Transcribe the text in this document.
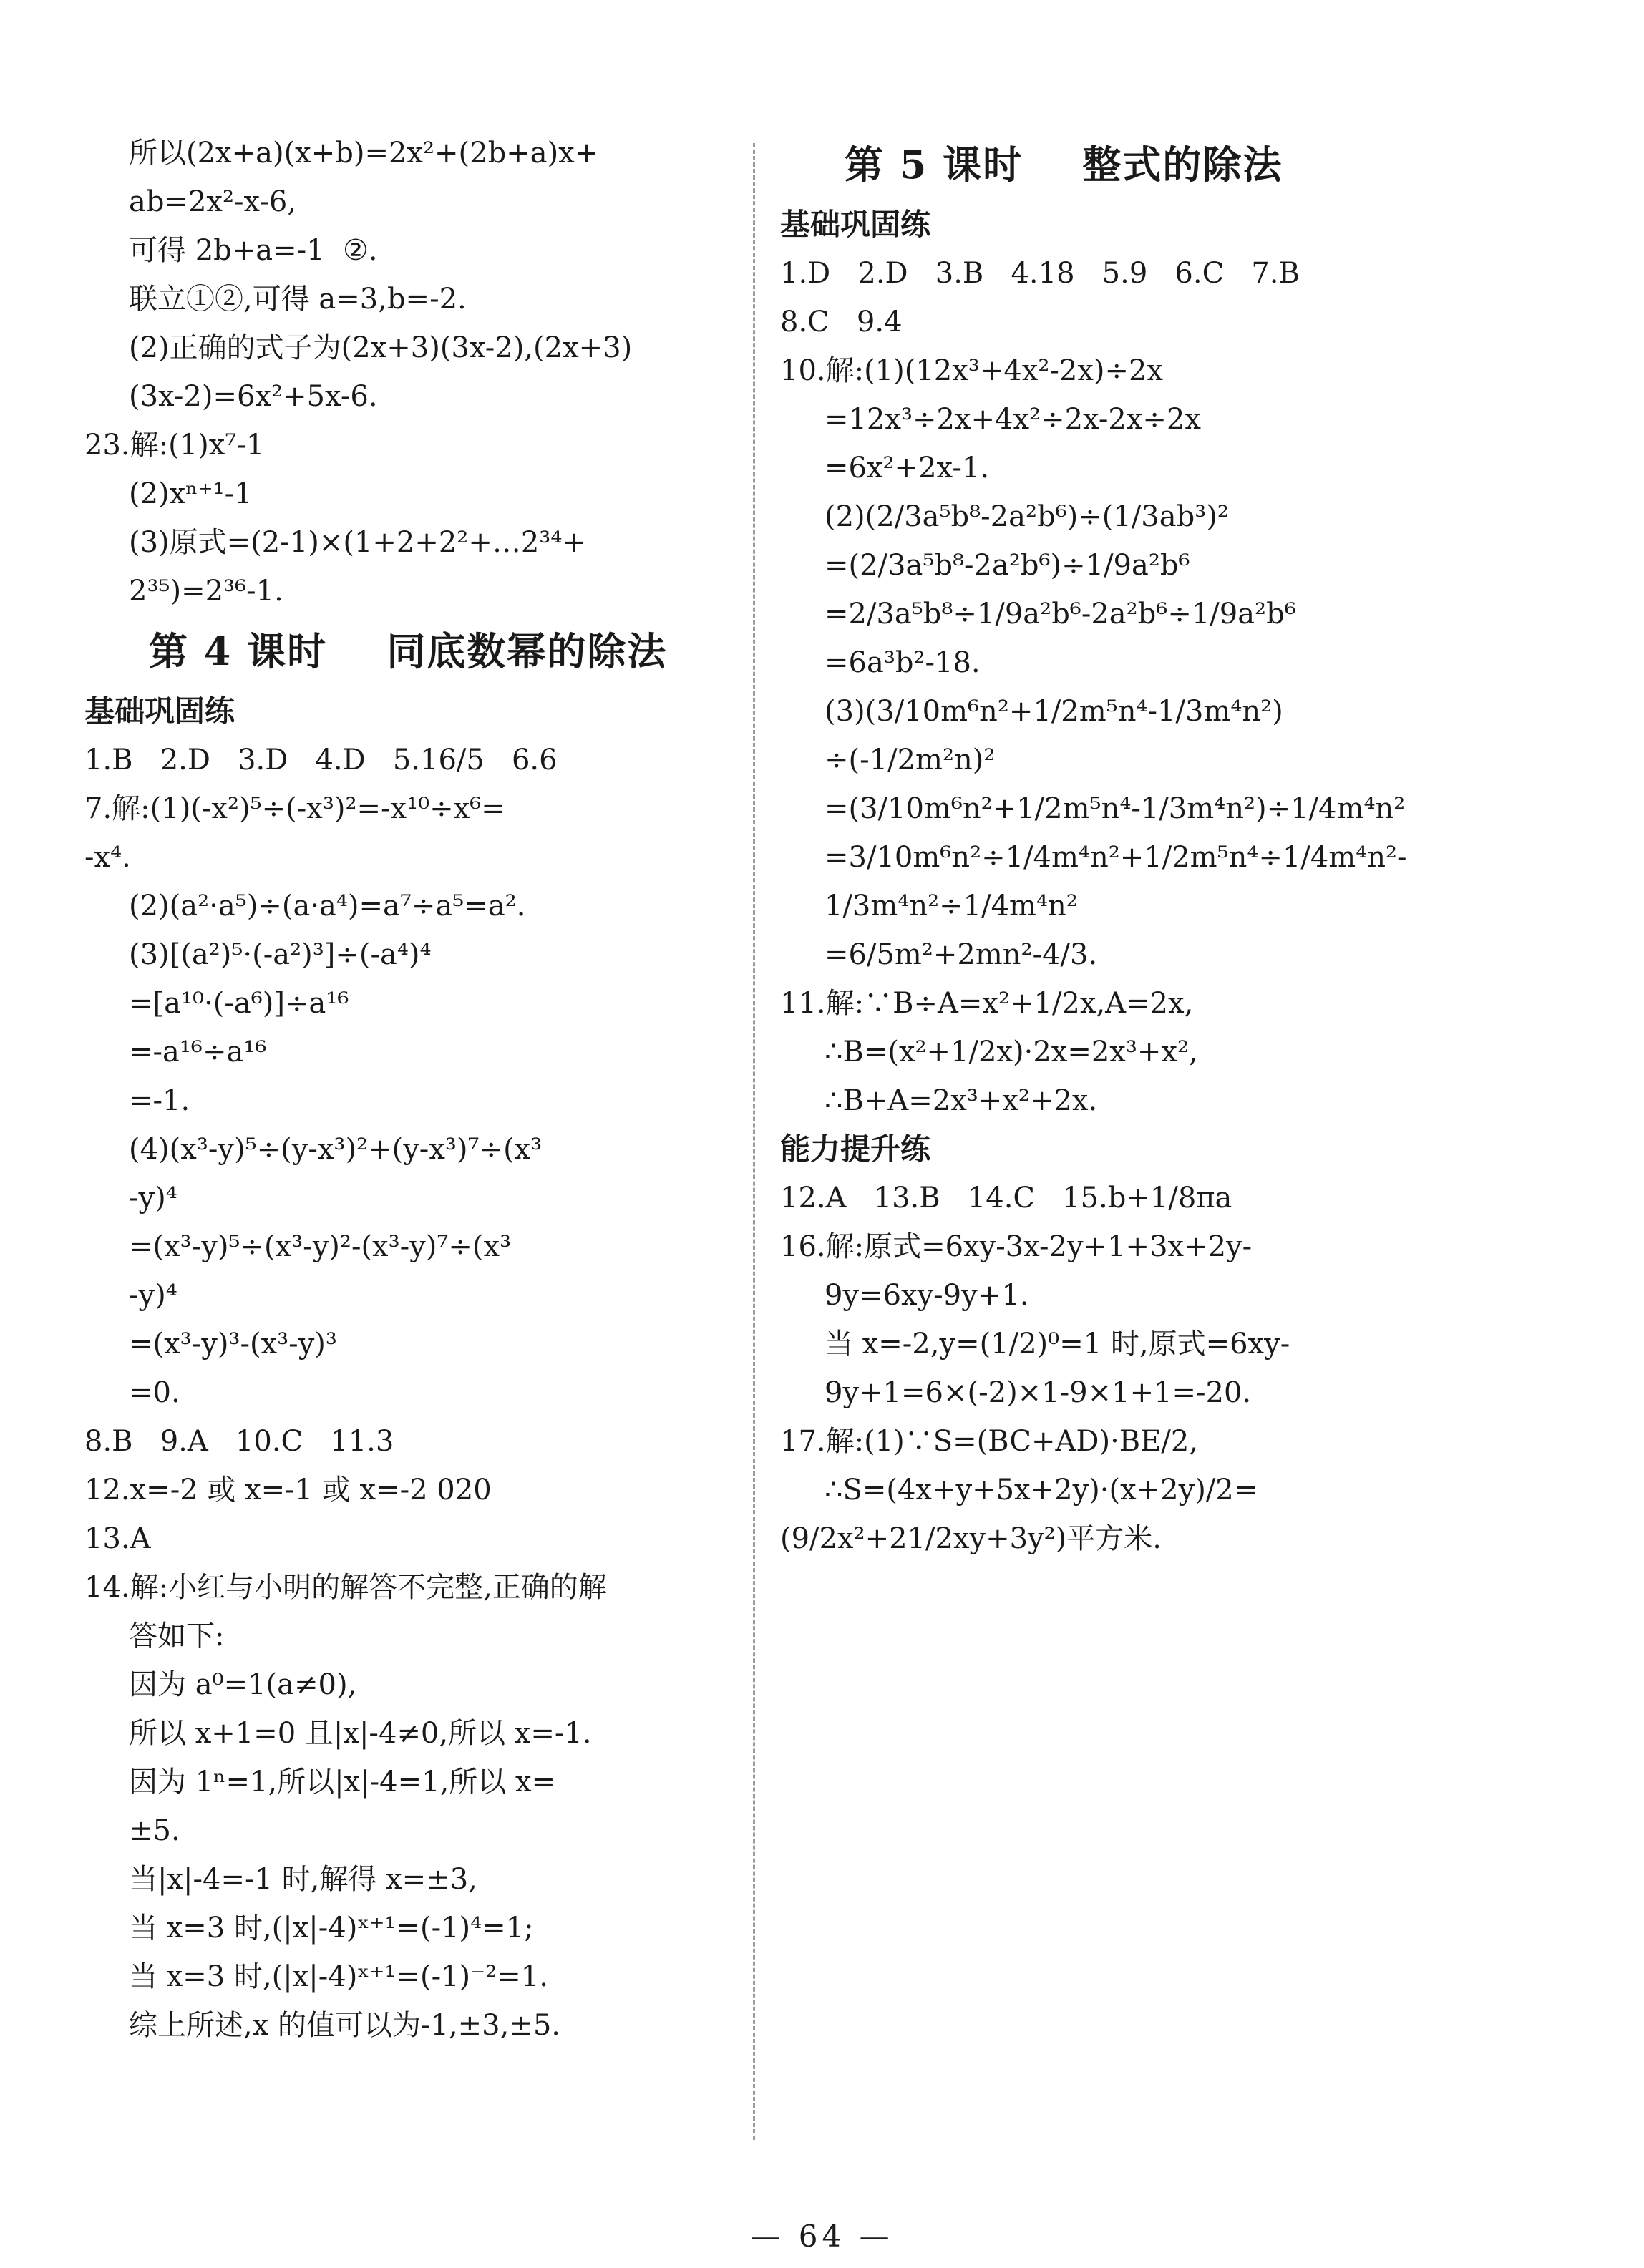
所以(2x+a)(x+b)=2x²+(2b+a)x+
ab=2x²-x-6,
可得 2b+a=-1  ②.
联立①②,可得 a=3,b=-2.
(2)正确的式子为(2x+3)(3x-2),(2x+3)
(3x-2)=6x²+5x-6.
23.解:(1)x⁷-1
(2)xⁿ⁺¹-1
(3)原式=(2-1)×(1+2+2²+…2³⁴+
2³⁵)=2³⁶-1.
第 4 课时    同底数幂的除法
基础巩固练
1.B   2.D   3.D   4.D   5.16/5   6.6
7.解:(1)(-x²)⁵÷(-x³)²=-x¹⁰÷x⁶=
-x⁴.
(2)(a²·a⁵)÷(a·a⁴)=a⁷÷a⁵=a².
(3)[(a²)⁵·(-a²)³]÷(-a⁴)⁴
=[a¹⁰·(-a⁶)]÷a¹⁶
=-a¹⁶÷a¹⁶
=-1.
(4)(x³-y)⁵÷(y-x³)²+(y-x³)⁷÷(x³
-y)⁴
=(x³-y)⁵÷(x³-y)²-(x³-y)⁷÷(x³
-y)⁴
=(x³-y)³-(x³-y)³
=0.
8.B   9.A   10.C   11.3
12.x=-2 或 x=-1 或 x=-2 020
13.A
14.解:小红与小明的解答不完整,正确的解
答如下:
因为 a⁰=1(a≠0),
所以 x+1=0 且|x|-4≠0,所以 x=-1.
因为 1ⁿ=1,所以|x|-4=1,所以 x=
±5.
当|x|-4=-1 时,解得 x=±3,
当 x=3 时,(|x|-4)ˣ⁺¹=(-1)⁴=1;
当 x=3 时,(|x|-4)ˣ⁺¹=(-1)⁻²=1.
综上所述,x 的值可以为-1,±3,±5.
第 5 课时    整式的除法
基础巩固练
1.D   2.D   3.B   4.18   5.9   6.C   7.B
8.C   9.4
10.解:(1)(12x³+4x²-2x)÷2x
=12x³÷2x+4x²÷2x-2x÷2x
=6x²+2x-1.
(2)(2/3a⁵b⁸-2a²b⁶)÷(1/3ab³)²
=(2/3a⁵b⁸-2a²b⁶)÷1/9a²b⁶
=2/3a⁵b⁸÷1/9a²b⁶-2a²b⁶÷1/9a²b⁶
=6a³b²-18.
(3)(3/10m⁶n²+1/2m⁵n⁴-1/3m⁴n²)
÷(-1/2m²n)²
=(3/10m⁶n²+1/2m⁵n⁴-1/3m⁴n²)÷1/4m⁴n²
=3/10m⁶n²÷1/4m⁴n²+1/2m⁵n⁴÷1/4m⁴n²-
1/3m⁴n²÷1/4m⁴n²
=6/5m²+2mn²-4/3.
11.解:∵B÷A=x²+1/2x,A=2x,
∴B=(x²+1/2x)·2x=2x³+x²,
∴B+A=2x³+x²+2x.
能力提升练
12.A   13.B   14.C   15.b+1/8πa
16.解:原式=6xy-3x-2y+1+3x+2y-
9y=6xy-9y+1.
当 x=-2,y=(1/2)⁰=1 时,原式=6xy-
9y+1=6×(-2)×1-9×1+1=-20.
17.解:(1)∵S=(BC+AD)·BE/2,
∴S=(4x+y+5x+2y)·(x+2y)/2=
(9/2x²+21/2xy+3y²)平方米.
— 64 —
